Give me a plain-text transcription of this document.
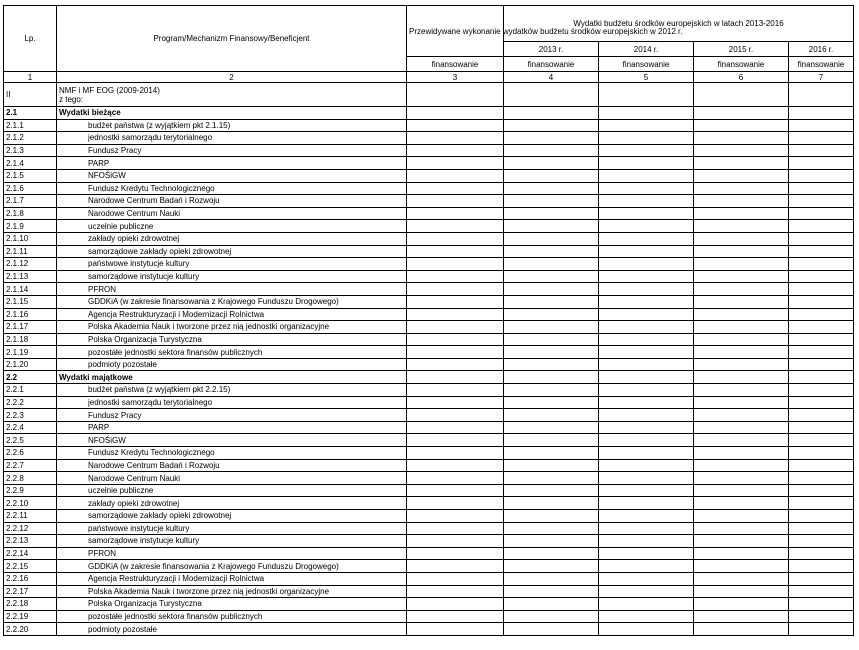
Lp.	Program/Mechanizm Finansowy/Beneficjent	Przewidywane wykonanie wydatków budżetu środków europejskich w 2012 r.	Wydatki budżetu środków europejskich w latach 2013-2016			
			2013 r.	2014 r.	2015 r.	2016 r.
		finansowanie	finansowanie	finansowanie	finansowanie	finansowanie
1	2	3	4	5	6	7
II	NMF i MF EOG (2009-2014)
z tego:					

2.1	Wydatki bieżące					
2.1.1	budżet państwa (z wyjątkiem pkt 2.1.15)					
2.1.2	jednostki samorządu terytorialnego					
2.1.3	Fundusz Pracy					
2.1.4	PARP					
2.1.5	NFOŚiGW					
2.1.6	Fundusz Kredytu Technologicznego					
2.1.7	Narodowe Centrum Badań i Rozwoju					
2.1.8	Narodowe Centrum Nauki					
2.1.9	uczelnie publiczne					
2.1.10	zakłady opieki zdrowotnej					
2.1.11	samorządowe zakłady opieki zdrowotnej					
2.1.12	państwowe instytucje kultury					
2.1.13	samorządowe instytucje kultury					
2.1.14	PFRON					
2.1.15	GDDKiA (w zakresie finansowania z Krajowego Funduszu Drogowego)					
2.1.16	Agencja Restrukturyzacji i Modernizacji Rolnictwa					
2.1.17	Polska Akademia Nauk i tworzone przez nią jednostki organizacyjne					
2.1.18	Polska Organizacja Turystyczna					
2.1.19	pozostałe jednostki sektora finansów publicznych					
2.1.20	podmioty pozostałe					
2.2	Wydatki majątkowe					
2.2.1	budżet państwa (z wyjątkiem pkt 2.2.15)					
2.2.2	jednostki samorządu terytorialnego					
2.2.3	Fundusz Pracy					
2.2.4	PARP					
2.2.5	NFOŚiGW					
2.2.6	Fundusz Kredytu Technologicznego					
2.2.7	Narodowe Centrum Badań i Rozwoju					
2.2.8	Narodowe Centrum Nauki					
2.2.9	uczelnie publiczne					
2.2.10	zakłady opieki zdrowotnej					
2.2.11	samorządowe zakłady opieki zdrowotnej					
2.2.12	państwowe instytucje kultury					
2.2.13	samorządowe instytucje kultury					
2.2.14	PFRON					
2.2.15	GDDKiA (w zakresie finansowania z Krajowego Funduszu Drogowego)					
2.2.16	Agencja Restrukturyzacji i Modernizacji Rolnictwa					
2.2.17	Polska Akademia Nauk i tworzone przez nią jednostki organizacyjne					
2.2.18	Polska Organizacja Turystyczna					
2.2.19	pozostałe jednostki sektora finansów publicznych					
2.2.20	podmioty pozostałe					
